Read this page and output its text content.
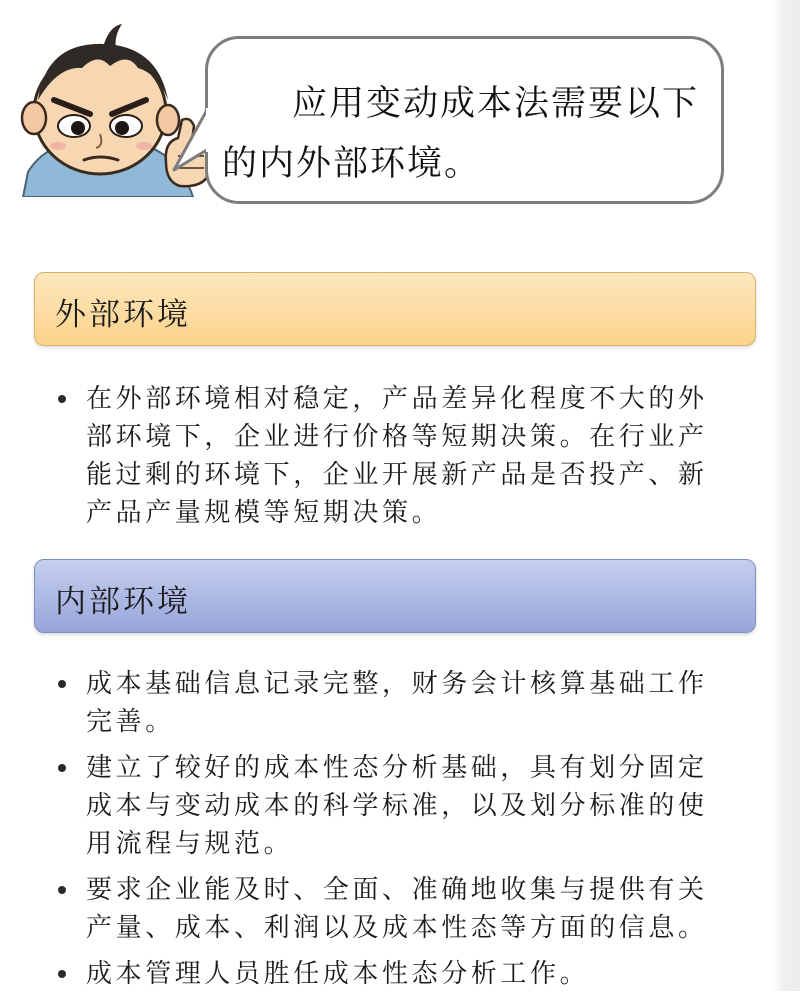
应用变动成本法需要以下的内外部环境。
外部环境
在外部环境相对稳定，产品差异化程度不大的外部环境下，企业进行价格等短期决策。在行业产能过剩的环境下，企业开展新产品是否投产、新产品产量规模等短期决策。
内部环境
成本基础信息记录完整，财务会计核算基础工作完善。
建立了较好的成本性态分析基础，具有划分固定成本与变动成本的科学标准，以及划分标准的使用流程与规范。
要求企业能及时、全面、准确地收集与提供有关产量、成本、利润以及成本性态等方面的信息。
成本管理人员胜任成本性态分析工作。
